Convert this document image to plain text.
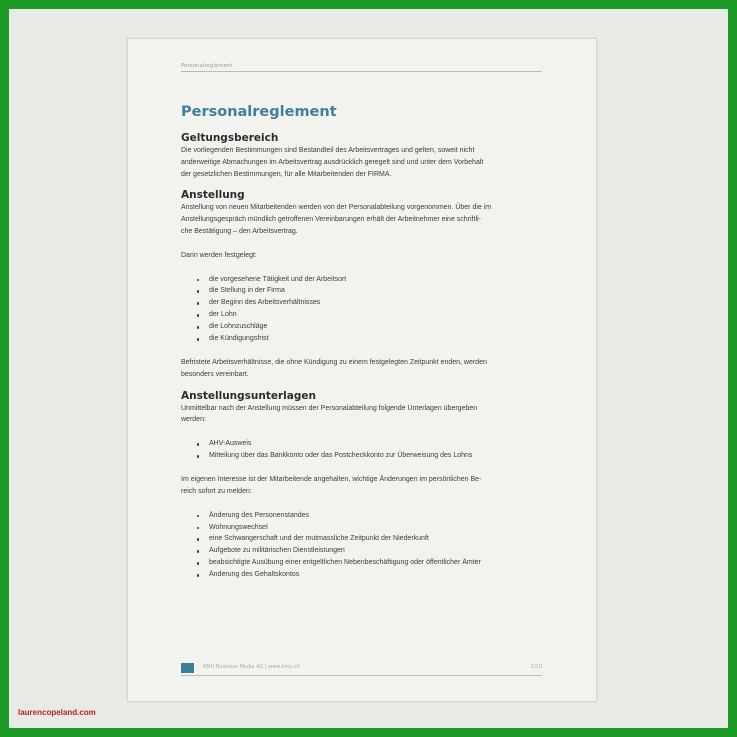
Personalreglement
Personalreglement
Geltungsbereich

Die vorliegenden Bestimmungen sind Bestandteil des Arbeitsvertrages und gelten, soweit nicht

anderweitige Abmachungen im Arbeitsvertrag ausdrücklich geregelt sind und unter dem Vorbehalt

der gesetzlichen Bestimmungen, für alle Mitarbeitenden der FIRMA.

Anstellung

Anstellung von neuen Mitarbeitenden werden von der Personalabteilung vorgenommen. Über die im

Anstellungsgespräch mündlich getroffenen Vereinbarungen erhält der Arbeitnehmer eine schriftli-

che Bestätigung – den Arbeitsvertrag.

Darin werden festgelegt:

die vorgesehene Tätigkeit und der Arbeitsort
die Stellung in der Firma
der Beginn des Arbeitsverhältnisses
der Lohn
die Lohnzuschläge
die Kündigungsfrist

Befristete Arbeitsverhältnisse, die ohne Kündigung zu einem festgelegten Zeitpunkt enden, werden

besonders vereinbart.

Anstellungsunterlagen

Unmittelbar nach der Anstellung müssen der Personalabteilung folgende Unterlagen übergeben

werden:

AHV-Ausweis
Mitteilung über das Bankkonto oder das Postcheckkonto zur Überweisung des Lohns

Im eigenen Interesse ist der Mitarbeitende angehalten, wichtige Änderungen im persönlichen Be-

reich sofort zu melden:

Änderung des Personenstandes
Wohnungswechsel
eine Schwangerschaft und der mutmassliche Zeitpunkt der Niederkunft
Aufgebote zu militärischen Dienstleistungen
beabsichtigte Ausübung einer entgeltlichen Nebenbeschäftigung oder öffentlicher Ämter
Änderung des Gehaltskontos
KMU Business Media AG | www.kmu.ch	1/10
laurencopeland.com
